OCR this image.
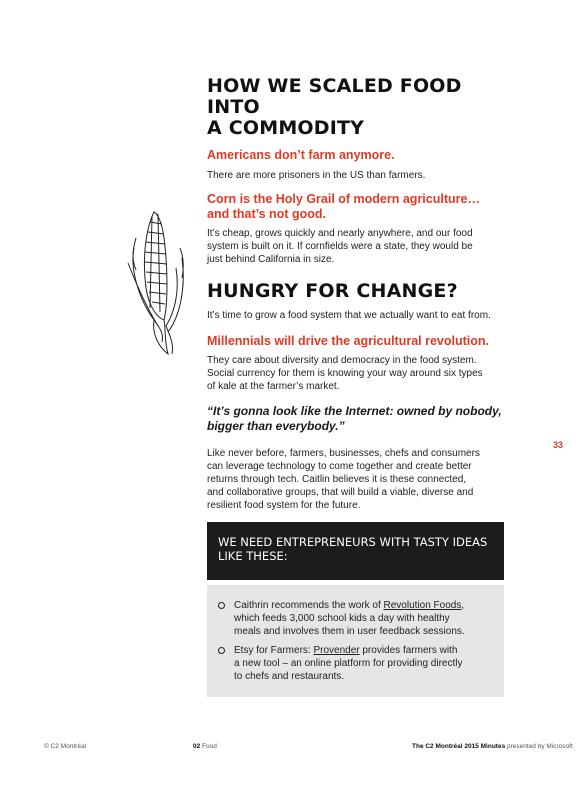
HOW WE SCALED FOOD INTO
A COMMODITY

Americans don’t farm anymore.

There are more prisoners in the US than farmers.

Corn is the Holy Grail of modern agriculture…
and that’s not good.
It’s cheap, grows quickly and nearly anywhere, and our food
system is built on it. If cornfields were a state, they would be
just behind California in size.
HUNGRY FOR CHANGE?

It’s time to grow a food system that we actually want to eat from.

Millennials will drive the agricultural revolution.

They care about diversity and democracy in the food system.
Social currency for them is knowing your way around six types
of kale at the farmer’s market.
“It’s gonna look like the Internet: owned by nobody,
bigger than everybody.”
Like never before, farmers, businesses, chefs and consumers
can leverage technology to come together and create better
returns through tech. Caitlin believes it is these connected,
and collaborative groups, that will build a viable, diverse and
resilient food system for the future.
33
WE NEED ENTREPRENEURS WITH TASTY IDEAS
LIKE THESE:
Caithrin recommends the work of Revolution Foods,
which feeds 3,000 school kids a day with healthy
meals and involves them in user feedback sessions.
Etsy for Farmers: Provender provides farmers with
a new tool – an online platform for providing directly
to chefs and restaurants.
© C2 Montréal	02 Food	The C2 Montréal 2015 Minutes presented by Microsoft
